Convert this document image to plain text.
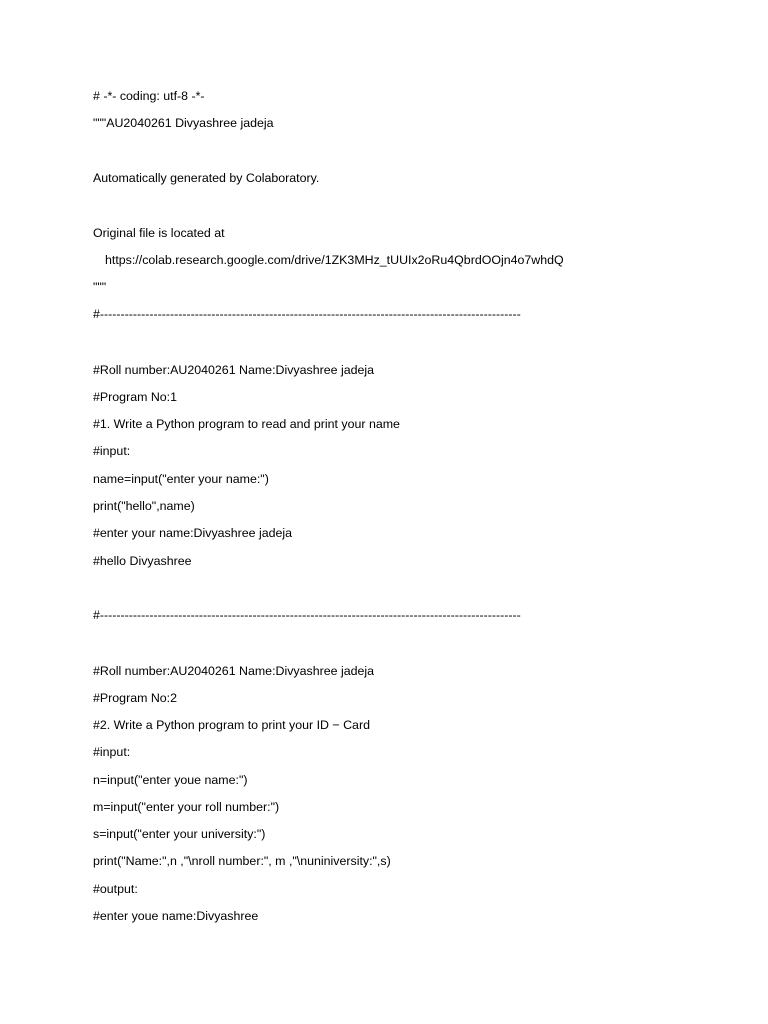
# -*- coding: utf-8 -*-
"""AU2040261 Divyashree jadeja
Automatically generated by Colaboratory.
Original file is located at
https://colab.research.google.com/drive/1ZK3MHz_tUUIx2oRu4QbrdOOjn4o7whdQ
"""
#------------------------------------------------------------------------------------------------------
#Roll number:AU2040261 Name:Divyashree jadeja
#Program No:1
#1. Write a Python program to read and print your name
#input:
name=input("enter your name:")
print("hello",name)
#enter your name:Divyashree jadeja
#hello Divyashree
#------------------------------------------------------------------------------------------------------
#Roll number:AU2040261 Name:Divyashree jadeja
#Program No:2
#2. Write a Python program to print your ID − Card
#input:
n=input("enter youe name:")
m=input("enter your roll number:")
s=input("enter your university:")
print("Name:",n ,"\nroll number:", m ,"\nuniniversity:",s)
#output:
#enter youe name:Divyashree
